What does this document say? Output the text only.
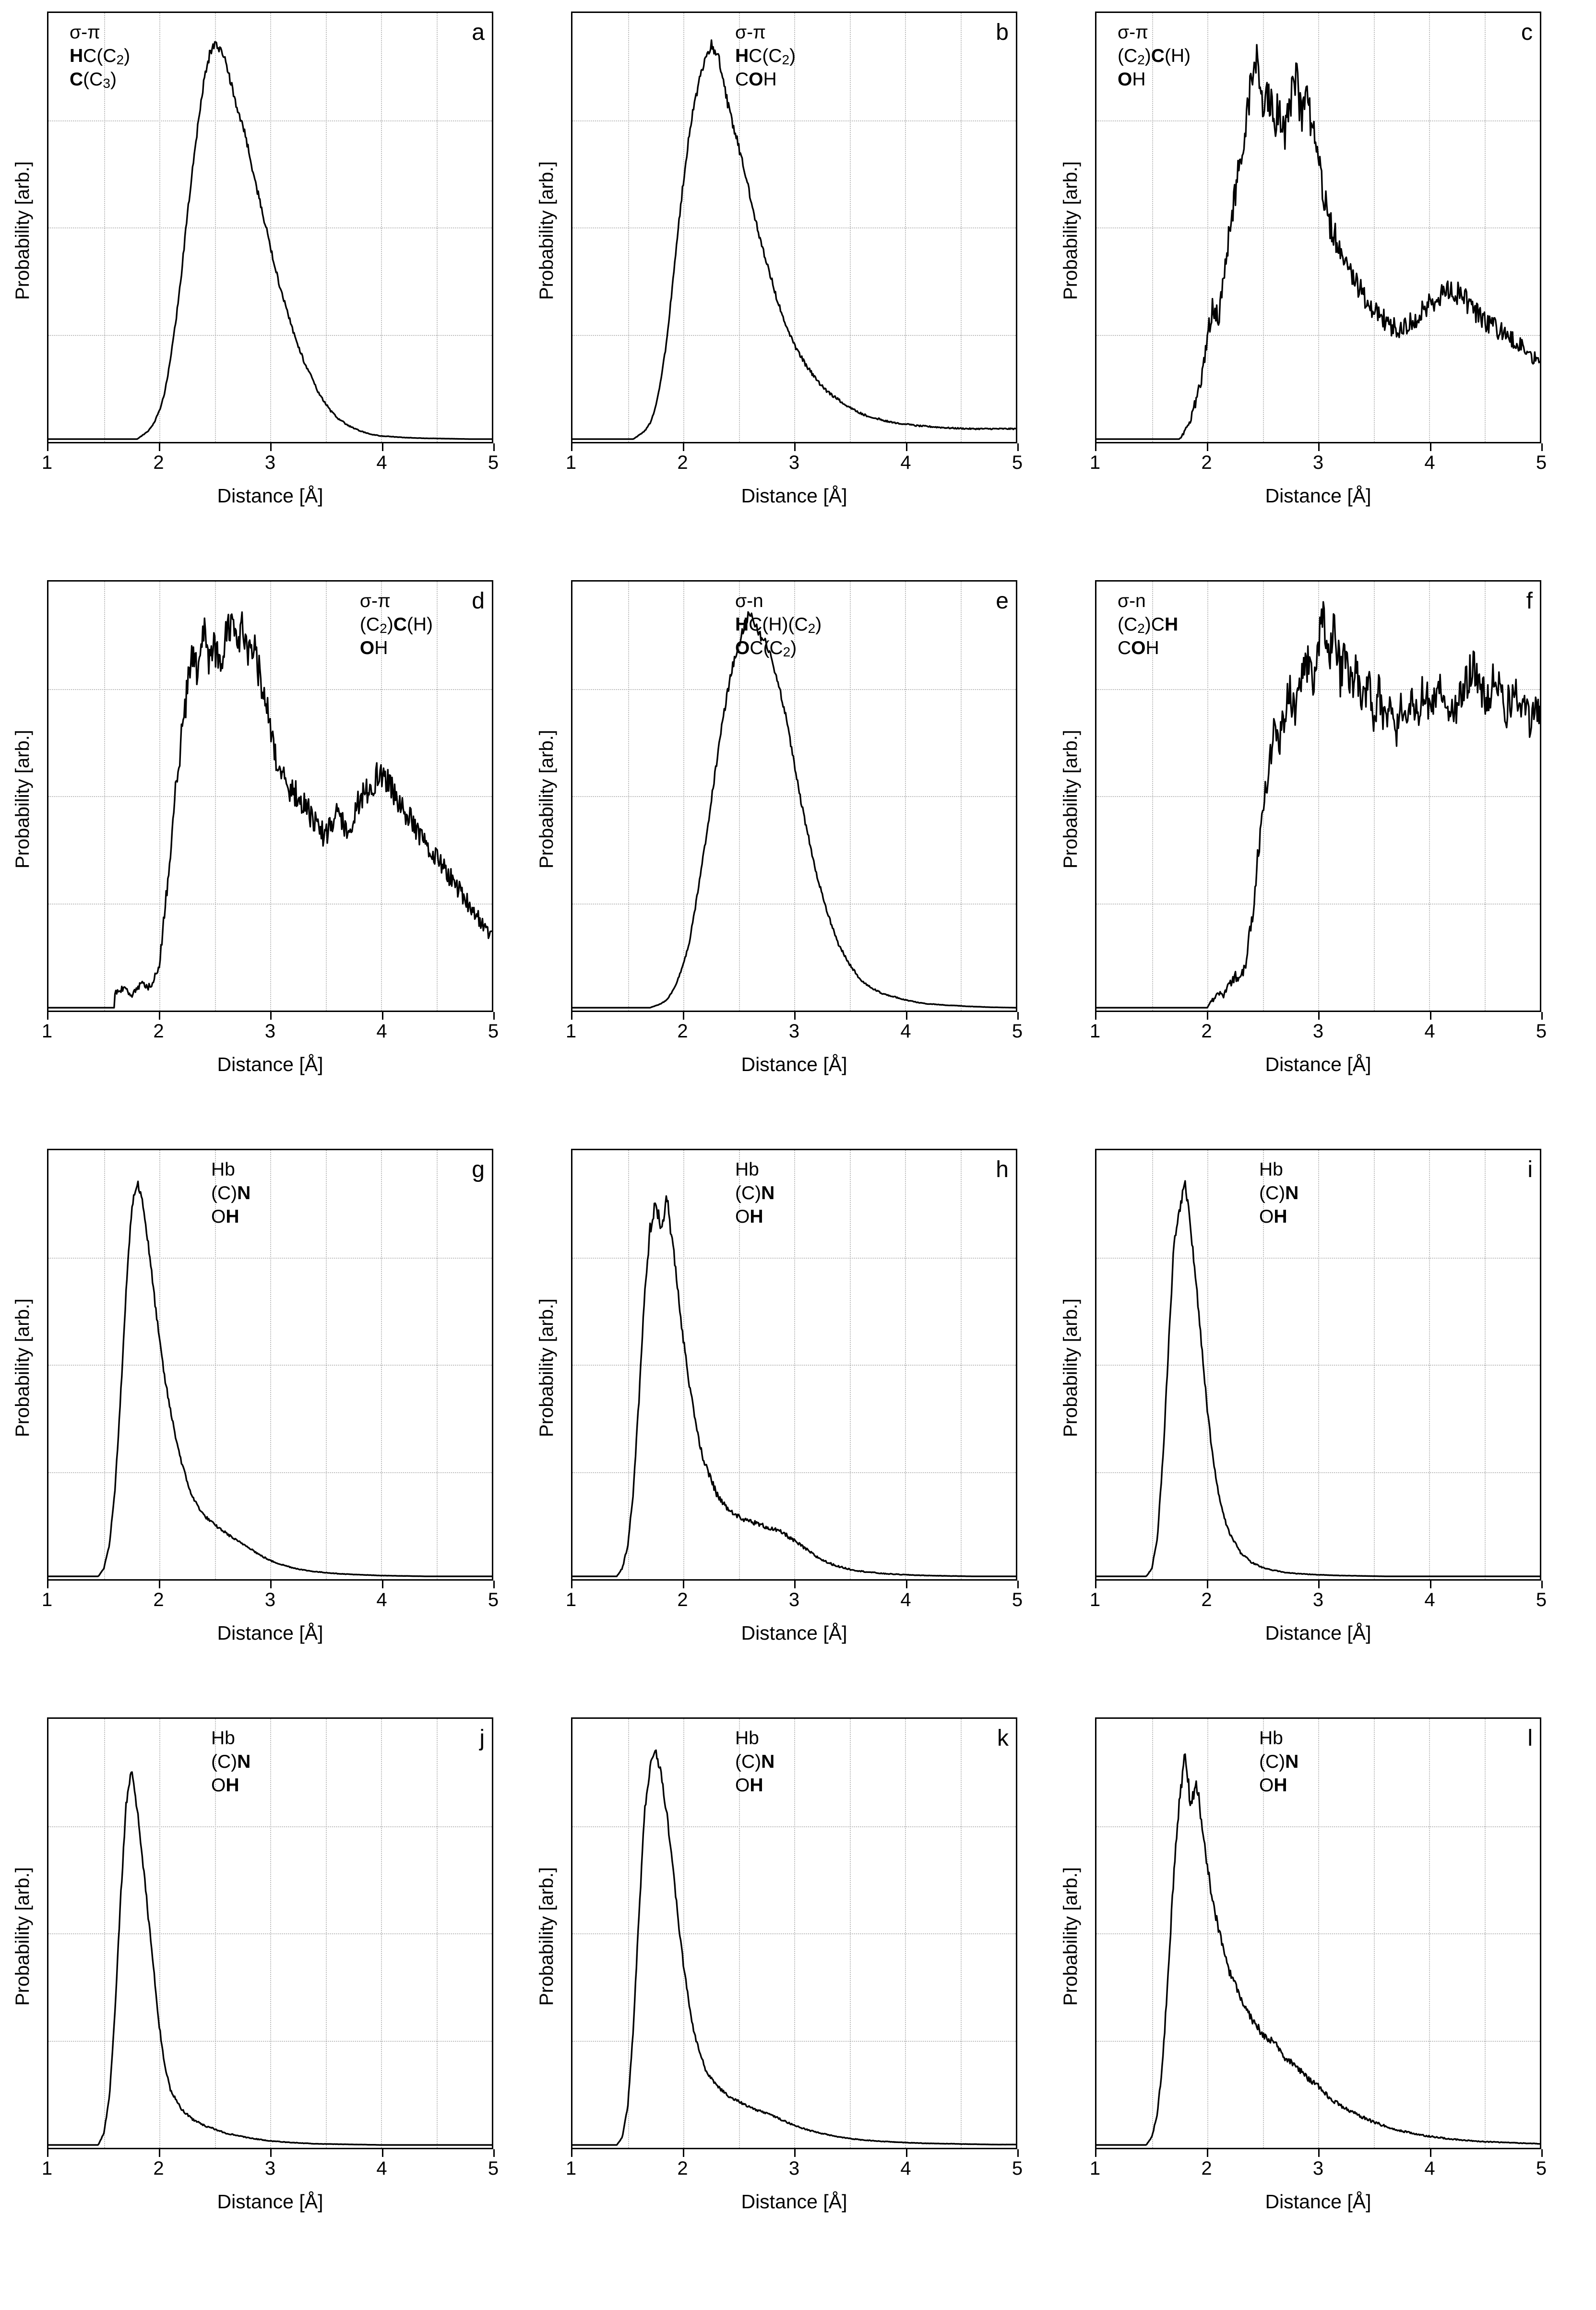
Probability [arb.]
1	2	3	4	5
Distance [Å]
a
σ-π
HC(C2)
C(C3)
Probability [arb.]
1	2	3	4	5
Distance [Å]
b
σ-π
HC(C2)
COH
Probability [arb.]
1	2	3	4	5
Distance [Å]
c
σ-π
(C2)C(H)
OH
Probability [arb.]
1	2	3	4	5
Distance [Å]
d
σ-π
(C2)C(H)
OH
Probability [arb.]
1	2	3	4	5
Distance [Å]
e
σ-n
HC(H)(C2)
OC(C2)
Probability [arb.]
1	2	3	4	5
Distance [Å]
f
σ-n
(C2)CH
COH
Probability [arb.]
1	2	3	4	5
Distance [Å]
g
Hb
(C)N
OH
Probability [arb.]
1	2	3	4	5
Distance [Å]
h
Hb
(C)N
OH
Probability [arb.]
1	2	3	4	5
Distance [Å]
i
Hb
(C)N
OH
Probability [arb.]
1	2	3	4	5
Distance [Å]
j
Hb
(C)N
OH
Probability [arb.]
1	2	3	4	5
Distance [Å]
k
Hb
(C)N
OH
Probability [arb.]
1	2	3	4	5
Distance [Å]
l
Hb
(C)N
OH
